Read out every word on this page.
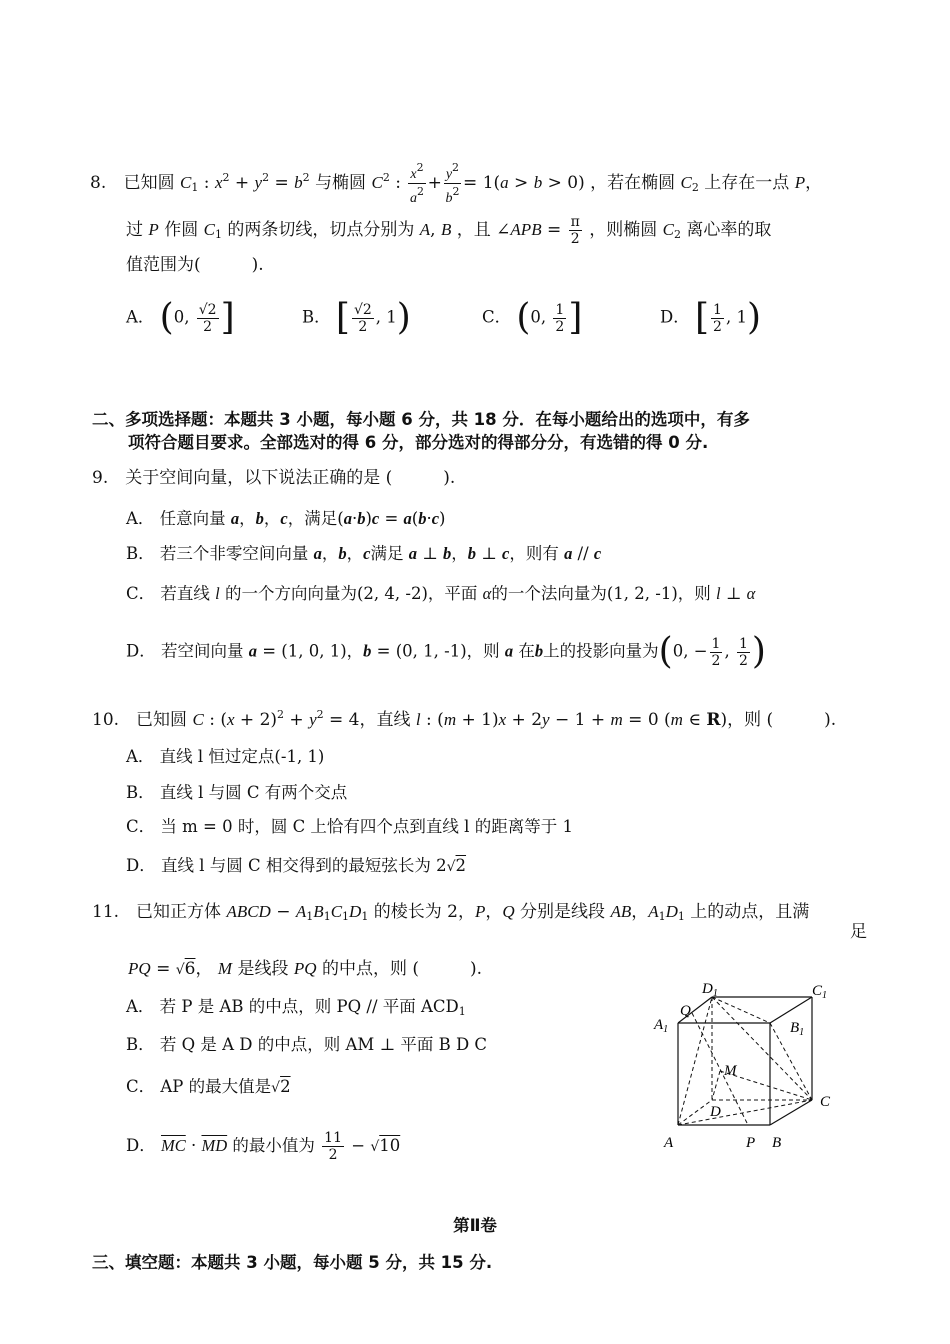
8. 已知圆 $C_1$ : $x^2 + y^2 = b^2$ 与椭圆 $C^2$ : $\frac{x^2}{a^2} + \frac{y^2}{b^2} = 1(a > b > 0)$ ，若在椭圆 $C_2$ 上存在一点 P，
过 P 作圆 $C_1$ 的两条切线，切点分别为 A, B ，且 ∠APB = $\frac{\pi}{2}$ ，则椭圆 $C_2$ 离心率的取
值范围为(　　　).
A． (0, $\frac{√2}{2}$ ]	B． [ $\frac{√2}{2}$ , 1)	C． (0, $\frac{1}{2}$ ]	D． [ $\frac{1}{2}$ , 1)
二、多项选择题：本题共 3 小题，每小题 6 分，共 18 分．在每小题给出的选项中，有多
项符合题目要求。全部选对的得 6 分，部分选对的得部分分，有选错的得 0 分.
9.　关于空间向量，以下说法正确的是 (　　　).
A． 任意向量 a，b，c，满足(a·b)c = a(b·c)
B． 若三个非零空间向量 a，b，c满足 a ⊥ b，b ⊥ c，则有 a // c
C． 若直线 l 的一个方向向量为(2, 4, -2)，平面 α的一个法向量为(1, 2, -1)，则 l ⊥ α
D． 若空间向量 a = (1, 0, 1)，b = (0, 1, -1)，则 a 在b上的投影向量为(0, − $\frac{1}{2}$ , $\frac{1}{2}$ )
10.　已知圆 C : $(x + 2)^2 + y^2 = 4$，直线 l : (m + 1)x + 2y − 1 + m = 0 (m ∈ R)，则 (　　　).
A． 直线 l 恒过定点(-1, 1)
B． 直线 l 与圆 C 有两个交点
C． 当 m = 0 时，圆 C 上恰有四个点到直线 l 的距离等于 1
D． 直线 l 与圆 C 相交得到的最短弦长为 2√2
11.　已知正方体 ABCD − $A_1B_1C_1D_1$ 的棱长为 2，P，Q 分别是线段 AB，$A_1D_1$ 上的动点，且满
足
PQ = √6， M 是线段 PQ 的中点，则 (　　　).
A． 若 P 是 AB 的中点，则 PQ // 平面 $ACD_1$
B． 若 Q 是 A D 的中点，则 AM ⊥ 平面 B D C
C． AP 的最大值是√2
D． $\overline{MC} \cdot \overline{MD}$ 的最小值为 $\frac{11}{2} - √10$	A	P B
C
D
$A_1$	$B_1$
$C_1$
$D_1$
Q
M
第Ⅱ卷
三、填空题：本题共 3 小题，每小题 5 分，共 15 分.
